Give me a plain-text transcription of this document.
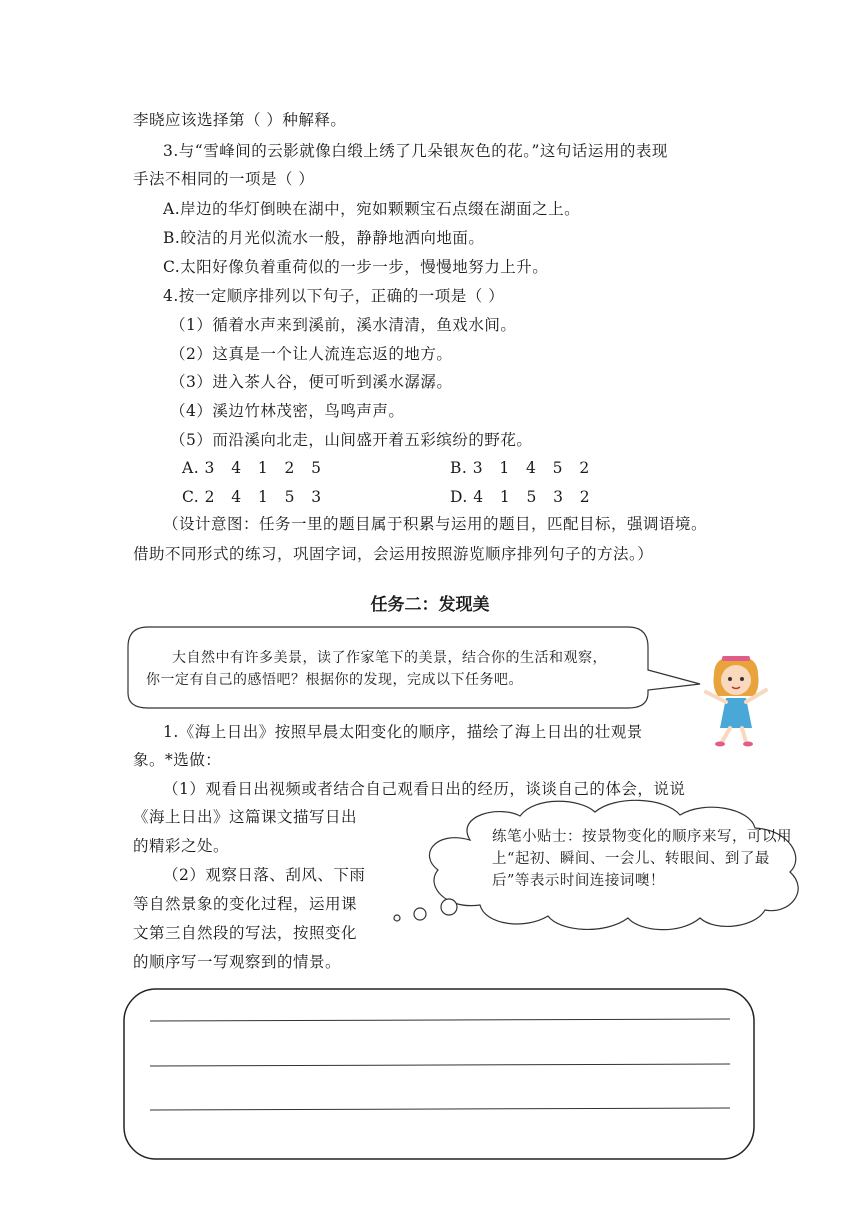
李晓应该选择第（ ）种解释。
3.与“雪峰间的云影就像白缎上绣了几朵银灰色的花。”这句话运用的表现
手法不相同的一项是（ ）
A.岸边的华灯倒映在湖中，宛如颗颗宝石点缀在湖面之上。
B.皎洁的月光似流水一般，静静地洒向地面。
C.太阳好像负着重荷似的一步一步，慢慢地努力上升。
4.按一定顺序排列以下句子，正确的一项是（ ）
（1）循着水声来到溪前，溪水清清，鱼戏水间。
（2）这真是一个让人流连忘返的地方。
（3）进入茶人谷，便可听到溪水潺潺。
（4）溪边竹林茂密，鸟鸣声声。
（5）而沿溪向北走，山间盛开着五彩缤纷的野花。
A. 3   4   1   2   5	B. 3   1   4   5   2
C. 2   4   1   5   3	D. 4   1   5   3   2
（设计意图：任务一里的题目属于积累与运用的题目，匹配目标，强调语境。
借助不同形式的练习，巩固字词，会运用按照游览顺序排列句子的方法。）
任务二：发现美
大自然中有许多美景，读了作家笔下的美景，结合你的生活和观察，
你一定有自己的感悟吧？根据你的发现，完成以下任务吧。
1.《海上日出》按照早晨太阳变化的顺序，描绘了海上日出的壮观景
象。*选做：
（1）观看日出视频或者结合自己观看日出的经历，谈谈自己的体会，说说
《海上日出》这篇课文描写日出
的精彩之处。
（2）观察日落、刮风、下雨
等自然景象的变化过程，运用课
文第三自然段的写法，按照变化
的顺序写一写观察到的情景。
练笔小贴士：按景物变化的顺序来写，可以用上“起初、瞬间、一会儿、转眼间、到了最后”等表示时间连接词噢！
